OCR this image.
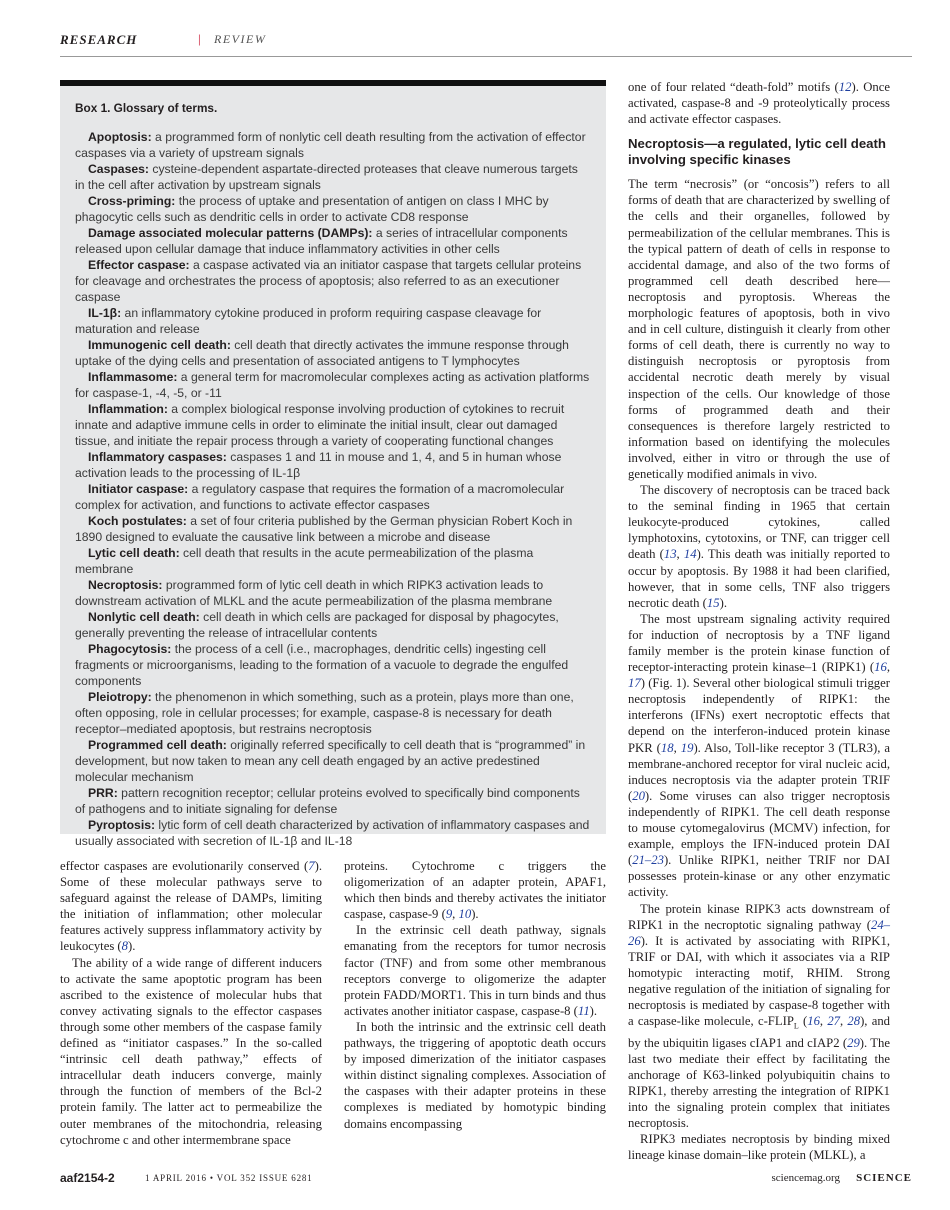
RESEARCH	| REVIEW
Box 1. Glossary of terms.

Apoptosis: a programmed form of nonlytic cell death resulting from the activation of effector caspases via a variety of upstream signals

Caspases: cysteine-dependent aspartate-directed proteases that cleave numerous targets in the cell after activation by upstream signals

Cross-priming: the process of uptake and presentation of antigen on class I MHC by phagocytic cells such as dendritic cells in order to activate CD8 response

Damage associated molecular patterns (DAMPs): a series of intracellular components released upon cellular damage that induce inflammatory activities in other cells

Effector caspase: a caspase activated via an initiator caspase that targets cellular proteins for cleavage and orchestrates the process of apoptosis; also referred to as an executioner caspase

IL-1β: an inflammatory cytokine produced in proform requiring caspase cleavage for maturation and release

Immunogenic cell death: cell death that directly activates the immune response through uptake of the dying cells and presentation of associated antigens to T lymphocytes

Inflammasome: a general term for macromolecular complexes acting as activation platforms for caspase-1, -4, -5, or -11

Inflammation: a complex biological response involving production of cytokines to recruit innate and adaptive immune cells in order to eliminate the initial insult, clear out damaged tissue, and initiate the repair process through a variety of cooperating functional changes

Inflammatory caspases: caspases 1 and 11 in mouse and 1, 4, and 5 in human whose activation leads to the processing of IL-1β

Initiator caspase: a regulatory caspase that requires the formation of a macromolecular complex for activation, and functions to activate effector caspases

Koch postulates: a set of four criteria published by the German physician Robert Koch in 1890 designed to evaluate the causative link between a microbe and disease

Lytic cell death: cell death that results in the acute permeabilization of the plasma membrane

Necroptosis: programmed form of lytic cell death in which RIPK3 activation leads to downstream activation of MLKL and the acute permeabilization of the plasma membrane

Nonlytic cell death: cell death in which cells are packaged for disposal by phagocytes, generally preventing the release of intracellular contents

Phagocytosis: the process of a cell (i.e., macrophages, dendritic cells) ingesting cell fragments or microorganisms, leading to the formation of a vacuole to degrade the engulfed components

Pleiotropy: the phenomenon in which something, such as a protein, plays more than one, often opposing, role in cellular processes; for example, caspase-8 is necessary for death receptor–mediated apoptosis, but restrains necroptosis

Programmed cell death: originally referred specifically to cell death that is “programmed” in development, but now taken to mean any cell death engaged by an active predestined molecular mechanism

PRR: pattern recognition receptor; cellular proteins evolved to specifically bind components of pathogens and to initiate signaling for defense

Pyroptosis: lytic form of cell death characterized by activation of inflammatory caspases and usually associated with secretion of IL-1β and IL-18

effector caspases are evolutionarily conserved (7). Some of these molecular pathways serve to safeguard against the release of DAMPs, limiting the initiation of inflammation; other molecular features actively suppress inflammatory activity by leukocytes (8).

The ability of a wide range of different inducers to activate the same apoptotic program has been ascribed to the existence of molecular hubs that convey activating signals to the effector caspases through some other members of the caspase family defined as “initiator caspases.” In the so-called “intrinsic cell death pathway,” effects of intracellular death inducers converge, mainly through the function of members of the Bcl-2 protein family. The latter act to permeabilize the outer membranes of the mitochondria, releasing cytochrome c and other intermembrane space

proteins. Cytochrome c triggers the oligomerization of an adapter protein, APAF1, which then binds and thereby activates the initiator caspase, caspase-9 (9, 10).

In the extrinsic cell death pathway, signals emanating from the receptors for tumor necrosis factor (TNF) and from some other membranous receptors converge to oligomerize the adapter protein FADD/MORT1. This in turn binds and thus activates another initiator caspase, caspase-8 (11).

In both the intrinsic and the extrinsic cell death pathways, the triggering of apoptotic death occurs by imposed dimerization of the initiator caspases within distinct signaling complexes. Association of the caspases with their adapter proteins in these complexes is mediated by homotypic binding domains encompassing

one of four related “death-fold” motifs (12). Once activated, caspase-8 and -9 proteolytically process and activate effector caspases.

Necroptosis—a regulated, lytic cell death involving specific kinases

The term “necrosis” (or “oncosis”) refers to all forms of death that are characterized by swelling of the cells and their organelles, followed by permeabilization of the cellular membranes. This is the typical pattern of death of cells in response to accidental damage, and also of the two forms of programmed cell death described here—necroptosis and pyroptosis. Whereas the morphologic features of apoptosis, both in vivo and in cell culture, distinguish it clearly from other forms of cell death, there is currently no way to distinguish necroptosis or pyroptosis from accidental necrotic death merely by visual inspection of the cells. Our knowledge of those forms of programmed death and their consequences is therefore largely restricted to information based on identifying the molecules involved, either in vitro or through the use of genetically modified animals in vivo.

The discovery of necroptosis can be traced back to the seminal finding in 1965 that certain leukocyte-produced cytokines, called lymphotoxins, cytotoxins, or TNF, can trigger cell death (13, 14). This death was initially reported to occur by apoptosis. By 1988 it had been clarified, however, that in some cells, TNF also triggers necrotic death (15).

The most upstream signaling activity required for induction of necroptosis by a TNF ligand family member is the protein kinase function of receptor-interacting protein kinase–1 (RIPK1) (16, 17) (Fig. 1). Several other biological stimuli trigger necroptosis independently of RIPK1: the interferons (IFNs) exert necroptotic effects that depend on the interferon-induced protein kinase PKR (18, 19). Also, Toll-like receptor 3 (TLR3), a membrane-anchored receptor for viral nucleic acid, induces necroptosis via the adapter protein TRIF (20). Some viruses can also trigger necroptosis independently of RIPK1. The cell death response to mouse cytomegalovirus (MCMV) infection, for example, employs the IFN-induced protein DAI (21–23). Unlike RIPK1, neither TRIF nor DAI possesses protein-kinase or any other enzymatic activity.

The protein kinase RIPK3 acts downstream of RIPK1 in the necroptotic signaling pathway (24–26). It is activated by associating with RIPK1, TRIF or DAI, with which it associates via a RIP homotypic interacting motif, RHIM. Strong negative regulation of the initiation of signaling for necroptosis is mediated by caspase-8 together with a caspase-like molecule, $c-FLIP_L$ (16, 27, 28), and by the ubiquitin ligases cIAP1 and cIAP2 (29). The last two mediate their effect by facilitating the anchorage of K63-linked polyubiquitin chains to RIPK1, thereby arresting the integration of RIPK1 into the signaling protein complex that initiates necroptosis.

RIPK3 mediates necroptosis by binding mixed lineage kinase domain–like protein (MLKL), a

aaf2154-2	1 APRIL 2016 • VOL 352 ISSUE 6281	sciencemag.org SCIENCE
